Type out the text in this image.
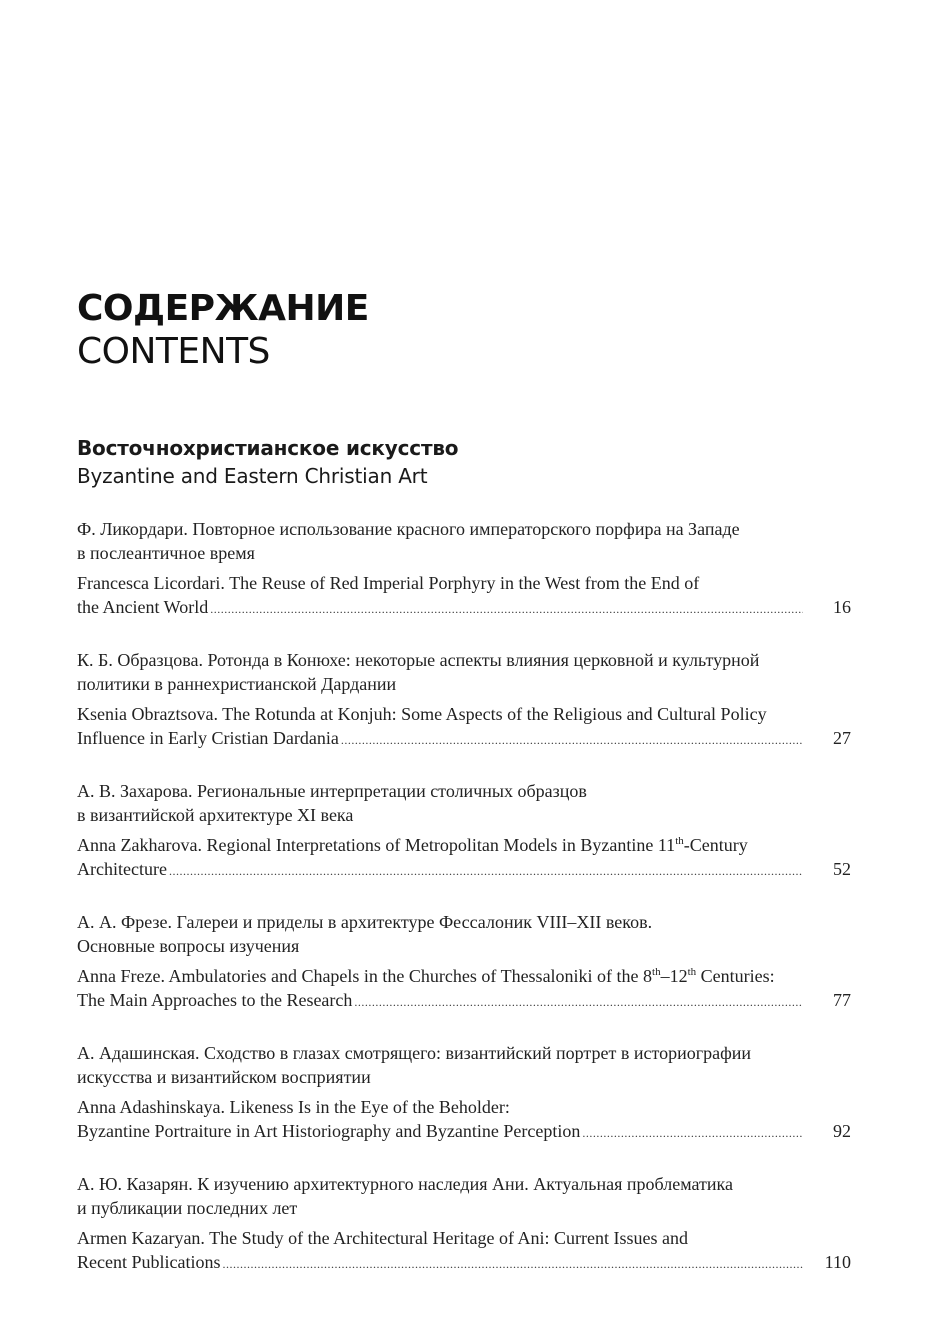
СОДЕРЖАНИЕ
CONTENTS
Восточнохристианское искусство
Byzantine and Eastern Christian Art
Ф. Ликордари. Повторное использование красного императорского порфира на Западе
в послеантичное время
Francesca Licordari. The Reuse of Red Imperial Porphyry in the West from the End of
the Ancient World .....	16
К. Б. Образцова. Ротонда в Конюхе: некоторые аспекты влияния церковной и культурной
политики в раннехристианской Дардании
Ksenia Obraztsova. The Rotunda at Konjuh: Some Aspects of the Religious and Cultural Policy
Influence in Early Cristian Dardania .....	27
А. В. Захарова. Региональные интерпретации столичных образцов
в византийской архитектуре XI века
Anna Zakharova. Regional Interpretations of Metropolitan Models in Byzantine 11th-Century
Architecture .....	52
А. А. Фрезе. Галереи и приделы в архитектуре Фессалоник VIII–XII веков.
Основные вопросы изучения
Anna Freze. Ambulatories and Chapels in the Churches of Thessaloniki of the 8th–12th Centuries:
The Main Approaches to the Research .....	77
А. Адашинская. Сходство в глазах смотрящего: византийский портрет в историографии
искусства и византийском восприятии
Anna Adashinskaya. Likeness Is in the Eye of the Beholder:
Byzantine Portraiture in Art Historiography and Byzantine Perception .....	92
А. Ю. Казарян. К изучению архитектурного наследия Ани. Актуальная проблематика
и публикации последних лет
Armen Kazaryan. The Study of the Architectural Heritage of Ani: Current Issues and
Recent Publications .....	110
